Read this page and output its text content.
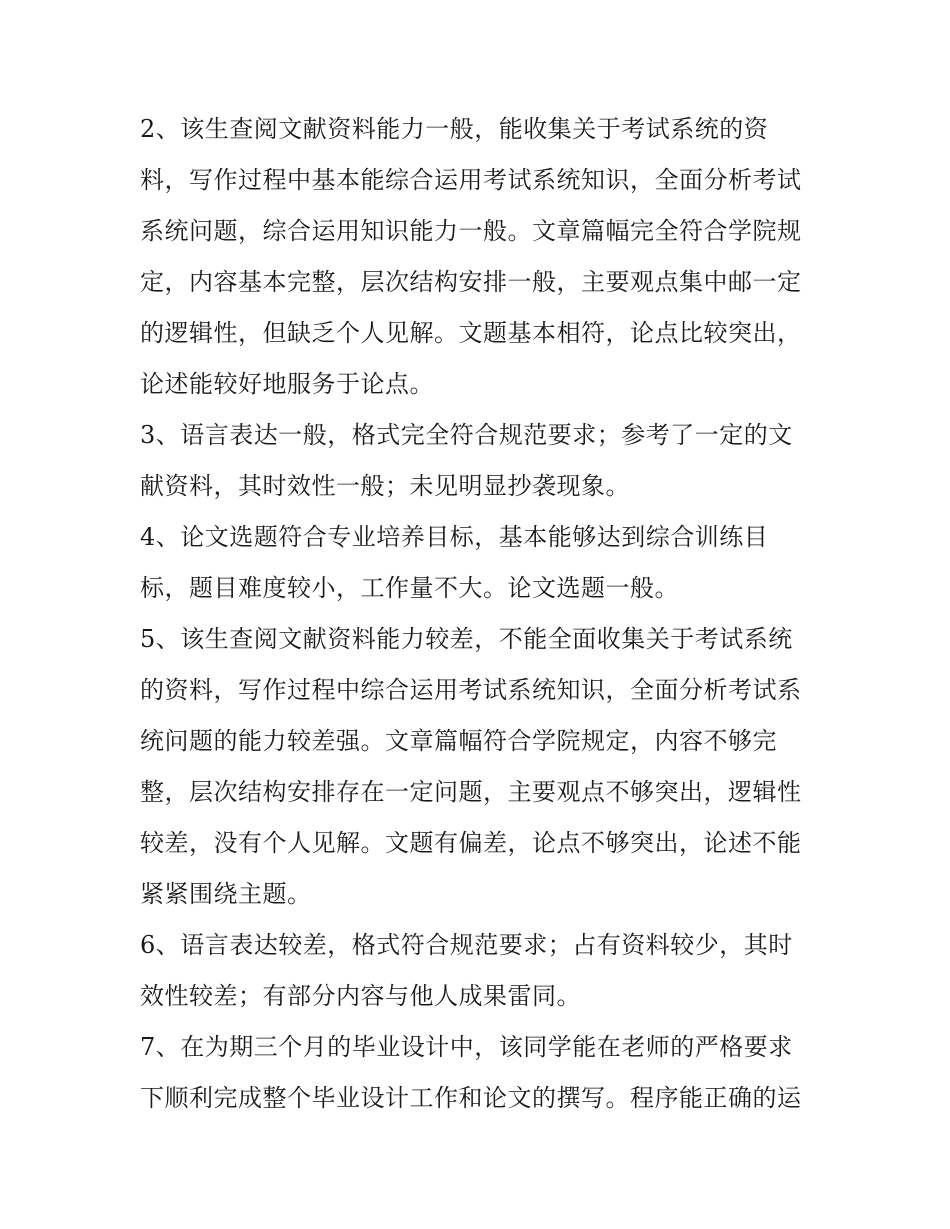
2、该生查阅文献资料能力一般，能收集关于考试系统的资
料，写作过程中基本能综合运用考试系统知识，全面分析考试
系统问题，综合运用知识能力一般。文章篇幅完全符合学院规
定，内容基本完整，层次结构安排一般，主要观点集中邮一定
的逻辑性，但缺乏个人见解。文题基本相符，论点比较突出，
论述能较好地服务于论点。
3、语言表达一般，格式完全符合规范要求；参考了一定的文
献资料，其时效性一般；未见明显抄袭现象。
4、论文选题符合专业培养目标，基本能够达到综合训练目
标，题目难度较小，工作量不大。论文选题一般。
5、该生查阅文献资料能力较差，不能全面收集关于考试系统
的资料，写作过程中综合运用考试系统知识，全面分析考试系
统问题的能力较差强。文章篇幅符合学院规定，内容不够完
整，层次结构安排存在一定问题，主要观点不够突出，逻辑性
较差，没有个人见解。文题有偏差，论点不够突出，论述不能
紧紧围绕主题。
6、语言表达较差，格式符合规范要求；占有资料较少，其时
效性较差；有部分内容与他人成果雷同。
7、在为期三个月的毕业设计中，该同学能在老师的严格要求
下顺利完成整个毕业设计工作和论文的撰写。程序能正确的运
